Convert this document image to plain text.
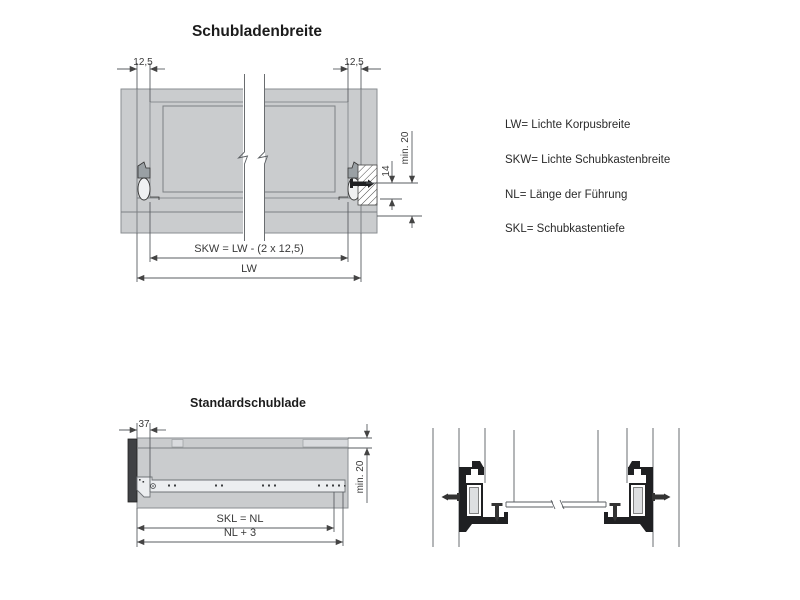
Schubladenbreite
12,5	12,5
14
min. 20
SKW = LW - (2 x 12,5)
LW
LW= Lichte Korpusbreite
SKW= Lichte Schubkastenbreite
NL= Länge der Führung
SKL= Schubkastentiefe
Standardschublade
37
min. 20
SKL = NL
NL + 3
